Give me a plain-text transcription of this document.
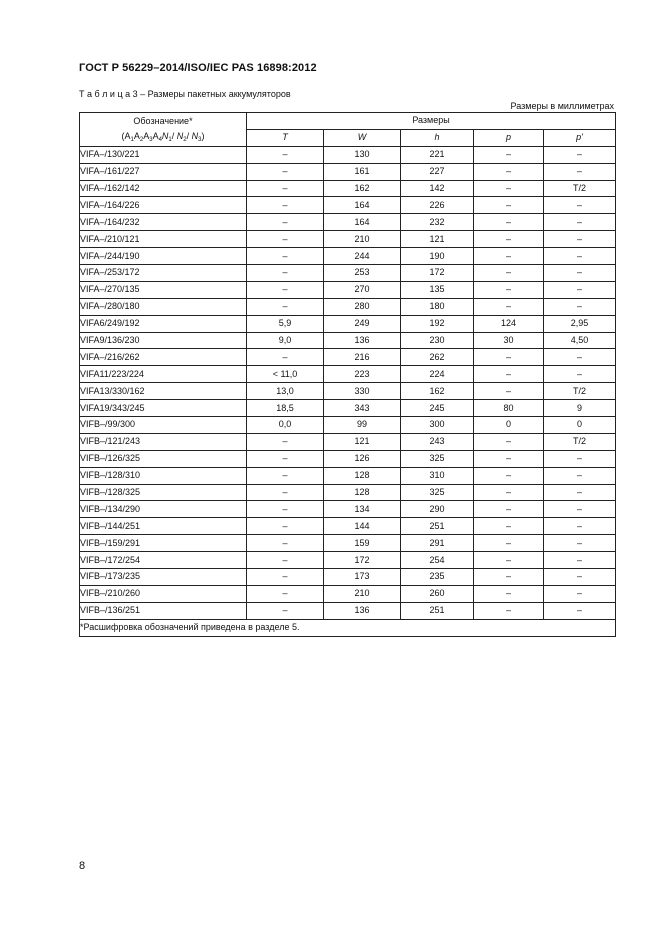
ГОСТ Р 56229–2014/ISO/IEC PAS 16898:2012
Т а б л и ц а 3 – Размеры пакетных аккумуляторов
Размеры в миллиметрах
Обозначение*
($A_1A_2A_3A_4N_1/$ $N_2/$ $N_3$)	Размеры				
	T	W	h	p	p'
VIFA–/130/221	–	130	221	–	–
VIFA–/161/227	–	161	227	–	–
VIFA–/162/142	–	162	142	–	T/2
VIFA–/164/226	–	164	226	–	–
VIFA–/164/232	–	164	232	–	–
VIFA–/210/121	–	210	121	–	–
VIFA–/244/190	–	244	190	–	–
VIFA–/253/172	–	253	172	–	–
VIFA–/270/135	–	270	135	–	–
VIFA–/280/180	–	280	180	–	–
VIFA6/249/192	5,9	249	192	124	2,95
VIFA9/136/230	9,0	136	230	30	4,50
VIFA–/216/262	–	216	262	–	–
VIFA11/223/224	< 11,0	223	224	–	–
VIFA13/330/162	13,0	330	162	–	T/2
VIFA19/343/245	18,5	343	245	80	9
VIFB–/99/300	0,0	99	300	0	0
VIFB–/121/243	–	121	243	–	T/2
VIFB–/126/325	–	126	325	–	–
VIFB–/128/310	–	128	310	–	–
VIFB–/128/325	–	128	325	–	–
VIFB–/134/290	–	134	290	–	–
VIFB–/144/251	–	144	251	–	–
VIFB–/159/291	–	159	291	–	–
VIFB–/172/254	–	172	254	–	–
VIFB–/173/235	–	173	235	–	–
VIFB–/210/260	–	210	260	–	–
VIFB–/136/251	–	136	251	–	–
*Расшифровка обозначений приведена в разделе 5.					
8
